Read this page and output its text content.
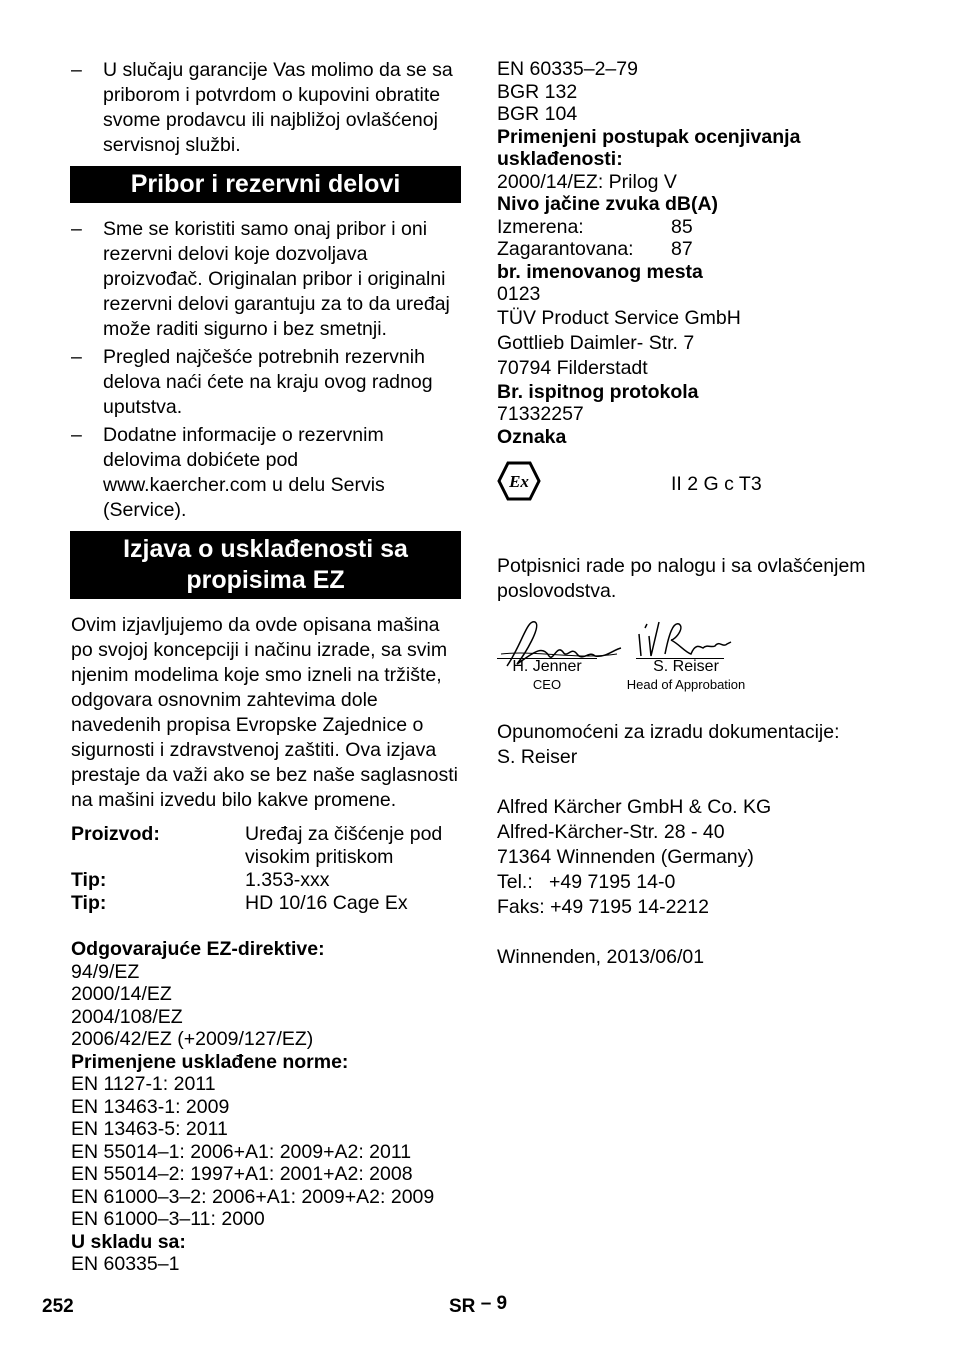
–	U slučaju garancije Vas molimo da se sa priborom i potvrdom o kupovini obratite svome prodavcu ili najbližoj ovlašćenoj servisnoj službi.
Pribor i rezervni delovi
–	Sme se koristiti samo onaj pribor i oni rezervni delovi koje dozvoljava proizvođač. Originalan pribor i originalni rezervni delovi garantuju za to da uređaj može raditi sigurno i bez smetnji.
–	Pregled najčešće potrebnih rezervnih delova naći ćete na kraju ovog radnog uputstva.
–	Dodatne informacije o rezervnim delovima dobićete pod www.kaercher.com u delu Servis (Service).
Izjava o usklađenosti sa
propisima EZ
Ovim izjavljujemo da ovde opisana mašina po svojoj koncepciji i načinu izrade, sa svim njenim modelima koje smo izneli na tržište, odgovara osnovnim zahtevima dole navedenih propisa Evropske Zajednice o sigurnosti i zdravstvenoj zaštiti. Ova izjava prestaje da važi ako se bez naše saglasnosti na mašini izvedu bilo kakve promene.
Proizvod:	Uređaj za čišćenje pod
visokim pritiskom
Tip:	1.353-xxx
Tip:	HD 10/16 Cage Ex
Odgovarajuće EZ-direktive:
94/9/EZ
2000/14/EZ
2004/108/EZ
2006/42/EZ (+2009/127/EZ)
Primenjene usklađene norme:
EN 1127-1: 2011
EN 13463-1: 2009
EN 13463-5: 2011
EN 55014–1: 2006+A1: 2009+A2: 2011
EN 55014–2: 1997+A1: 2001+A2: 2008
EN 61000–3–2: 2006+A1: 2009+A2: 2009
EN 61000–3–11: 2000
U skladu sa:
EN 60335–1
EN 60335–2–79
BGR 132
BGR 104
Primenjeni postupak ocenjivanja
usklađenosti:
2000/14/EZ: Prilog V
Nivo jačine zvuka dB(A)
Izmerena:	85
Zagarantovana:	87
br. imenovanog mesta
0123
TÜV Product Service GmbH
Gottlieb Daimler- Str. 7
70794 Filderstadt
Br. ispitnog protokola
71332257
Oznaka
Ex	II 2 G c T3
Potpisnici rade po nalogu i sa ovlašćenjem poslovodstva.
H. Jenner
CEO
S. Reiser
Head of Approbation
Opunomoćeni za izradu dokumentacije:
S. Reiser
Alfred Kärcher GmbH & Co. KG
Alfred-Kärcher-Str. 28 - 40
71364 Winnenden (Germany)
Tel.:   +49 7195 14-0
Faks: +49 7195 14-2212
Winnenden, 2013/06/01
252	SR – 9
